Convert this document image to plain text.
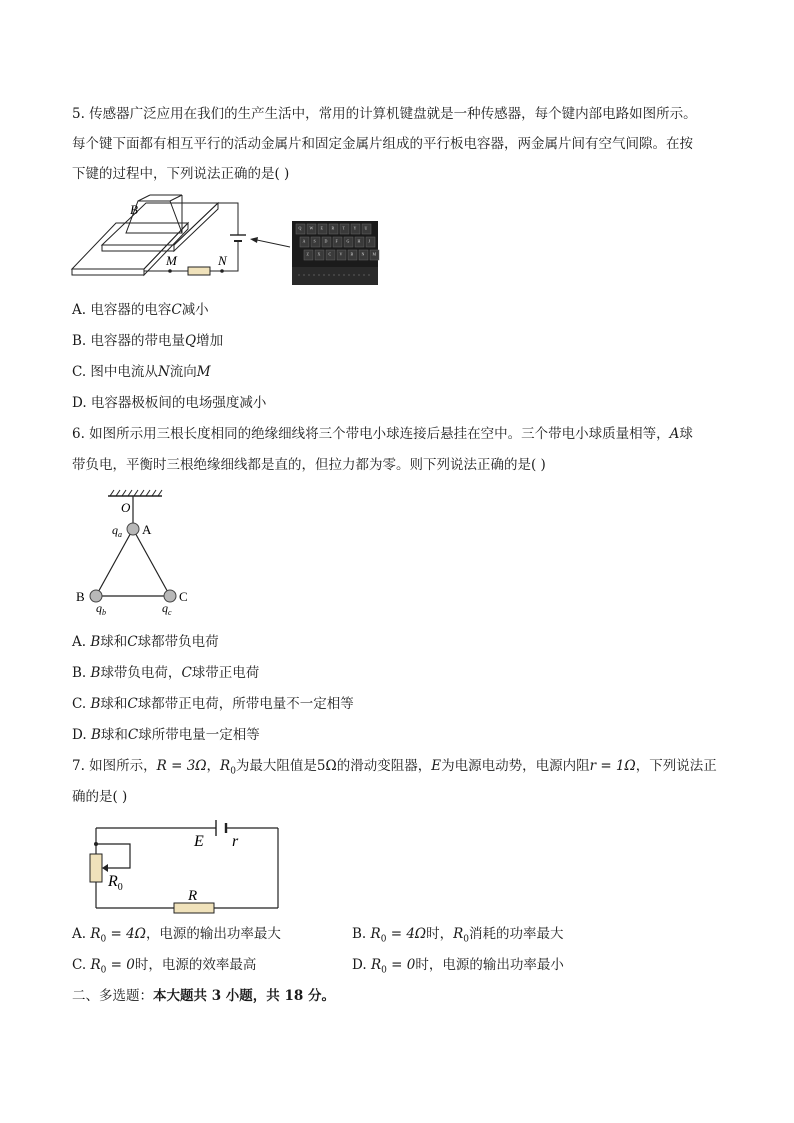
5. 传感器广泛应用在我们的生产生活中，常用的计算机键盘就是一种传感器，每个键内部电路如图所示。
每个键下面都有相互平行的活动金属片和固定金属片组成的平行板电容器，两金属片间有空气间隙。在按
下键的过程中，下列说法正确的是( )
B
M	N
Q W E R T Y U
A S D F G H J
Z X C V B N M
A. 电容器的电容C减小
B. 电容器的带电量Q增加
C. 图中电流从N流向M
D. 电容器极板间的电场强度减小
6. 如图所示用三根长度相同的绝缘细线将三个带电小球连接后悬挂在空中。三个带电小球质量相等，A球
带负电，平衡时三根绝缘细线都是直的，但拉力都为零。则下列说法正确的是( )
O
A
$q_a$
B	C
$q_b$	$q_c$
A. B球和C球都带负电荷
B. B球带负电荷，C球带正电荷
C. B球和C球都带正电荷，所带电量不一定相等
D. B球和C球所带电量一定相等
7. 如图所示，R = 3Ω，$R_0$为最大阻值是5Ω的滑动变阻器，E为电源电动势，电源内阻r = 1Ω，下列说法正
确的是( )
E r
$R_0$
R
A. $R_0 = 4\Omega$，电源的输出功率最大	B. $R_0 = 4\Omega$时，$R_0$消耗的功率最大
C. $R_0 = 0$时，电源的效率最高	D. $R_0 = 0$时，电源的输出功率最小
二、多选题：本大题共 3 小题，共 18 分。
